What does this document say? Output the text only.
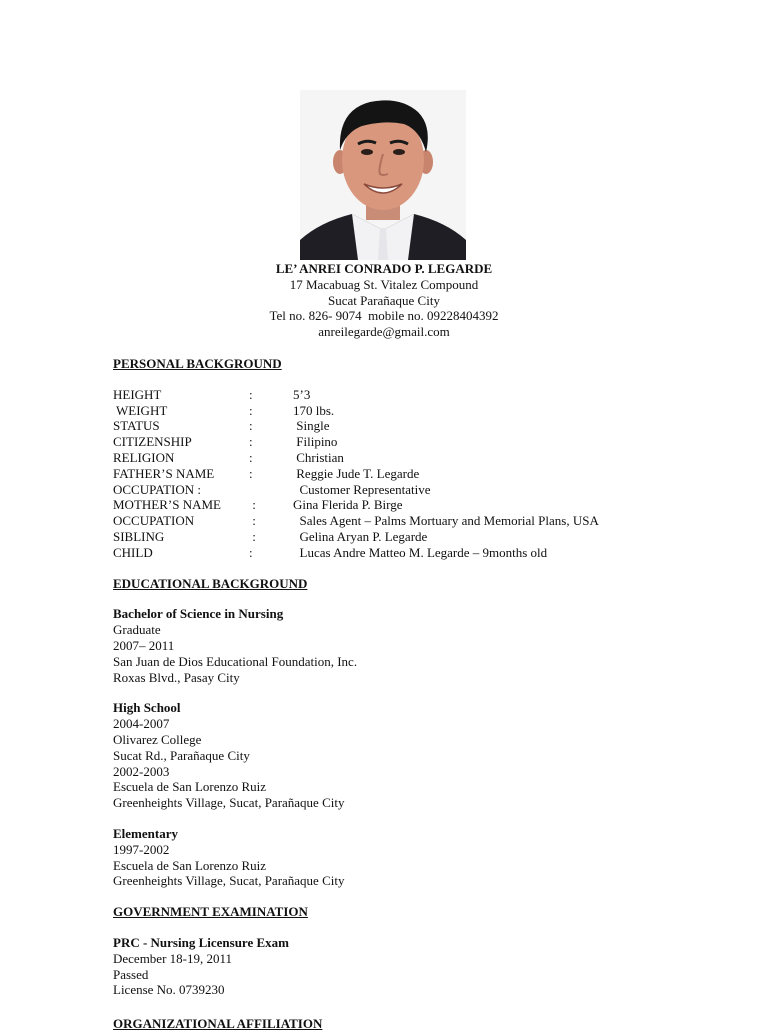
LE’ ANREI CONRADO P. LEGARDE
17 Macabuag St. Vitalez Compound
Sucat Parañaque City
Tel no. 826- 9074  mobile no. 09228404392
anreilegarde@gmail.com
PERSONAL BACKGROUND
HEIGHT	:	5’3
WEIGHT	:	170 lbs.
STATUS	:	Single
CITIZENSHIP	:	Filipino
RELIGION	:	Christian
FATHER’S NAME	:	Reggie Jude T. Legarde
OCCUPATION :	Customer Representative
MOTHER’S NAME	:	Gina Flerida P. Birge
OCCUPATION	:	Sales Agent – Palms Mortuary and Memorial Plans, USA
SIBLING	:	Gelina Aryan P. Legarde
CHILD	:	Lucas Andre Matteo M. Legarde – 9months old
EDUCATIONAL BACKGROUND
Bachelor of Science in Nursing
Graduate
2007– 2011
San Juan de Dios Educational Foundation, Inc.
Roxas Blvd., Pasay City
High School
2004-2007
Olivarez College
Sucat Rd., Parañaque City
2002-2003
Escuela de San Lorenzo Ruiz
Greenheights Village, Sucat, Parañaque City
Elementary
1997-2002
Escuela de San Lorenzo Ruiz
Greenheights Village, Sucat, Parañaque City
GOVERNMENT EXAMINATION
PRC - Nursing Licensure Exam
December 18-19, 2011
Passed
License No. 0739230
ORGANIZATIONAL AFFILIATION
